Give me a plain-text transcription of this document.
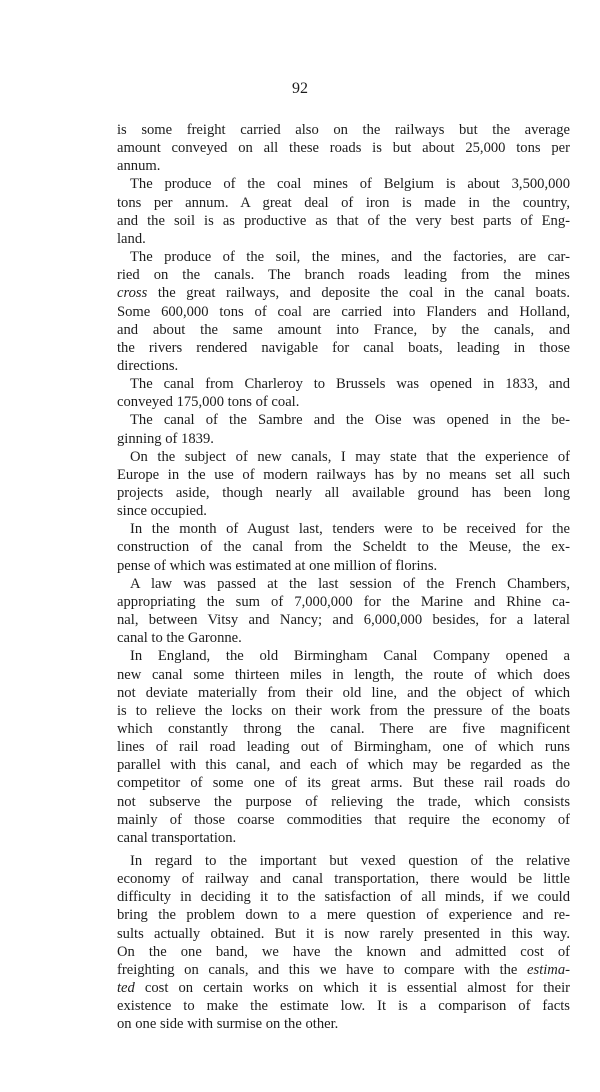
92
is some freight carried also on the railways but the average
amount conveyed on all these roads is but about 25,000 tons per
annum.
The produce of the coal mines of Belgium is about 3,500,000
tons per annum. A great deal of iron is made in the country,
and the soil is as productive as that of the very best parts of Eng-
land.
The produce of the soil, the mines, and the factories, are car-
ried on the canals. The branch roads leading from the mines
cross the great railways, and deposite the coal in the canal boats.
Some 600,000 tons of coal are carried into Flanders and Holland,
and about the same amount into France, by the canals, and
the rivers rendered navigable for canal boats, leading in those
directions.
The canal from Charleroy to Brussels was opened in 1833, and
conveyed 175,000 tons of coal.
The canal of the Sambre and the Oise was opened in the be-
ginning of 1839.
On the subject of new canals, I may state that the experience of
Europe in the use of modern railways has by no means set all such
projects aside, though nearly all available ground has been long
since occupied.
In the month of August last, tenders were to be received for the
construction of the canal from the Scheldt to the Meuse, the ex-
pense of which was estimated at one million of florins.
A law was passed at the last session of the French Chambers,
appropriating the sum of 7,000,000 for the Marine and Rhine ca-
nal, between Vitsy and Nancy; and 6,000,000 besides, for a lateral
canal to the Garonne.
In England, the old Birmingham Canal Company opened a
new canal some thirteen miles in length, the route of which does
not deviate materially from their old line, and the object of which
is to relieve the locks on their work from the pressure of the boats
which constantly throng the canal. There are five magnificent
lines of rail road leading out of Birmingham, one of which runs
parallel with this canal, and each of which may be regarded as the
competitor of some one of its great arms. But these rail roads do
not subserve the purpose of relieving the trade, which consists
mainly of those coarse commodities that require the economy of
canal transportation.
In regard to the important but vexed question of the relative
economy of railway and canal transportation, there would be little
difficulty in deciding it to the satisfaction of all minds, if we could
bring the problem down to a mere question of experience and re-
sults actually obtained. But it is now rarely presented in this way.
On the one band, we have the known and admitted cost of
freighting on canals, and this we have to compare with the estima-
ted cost on certain works on which it is essential almost for their
existence to make the estimate low. It is a comparison of facts
on one side with surmise on the other.
